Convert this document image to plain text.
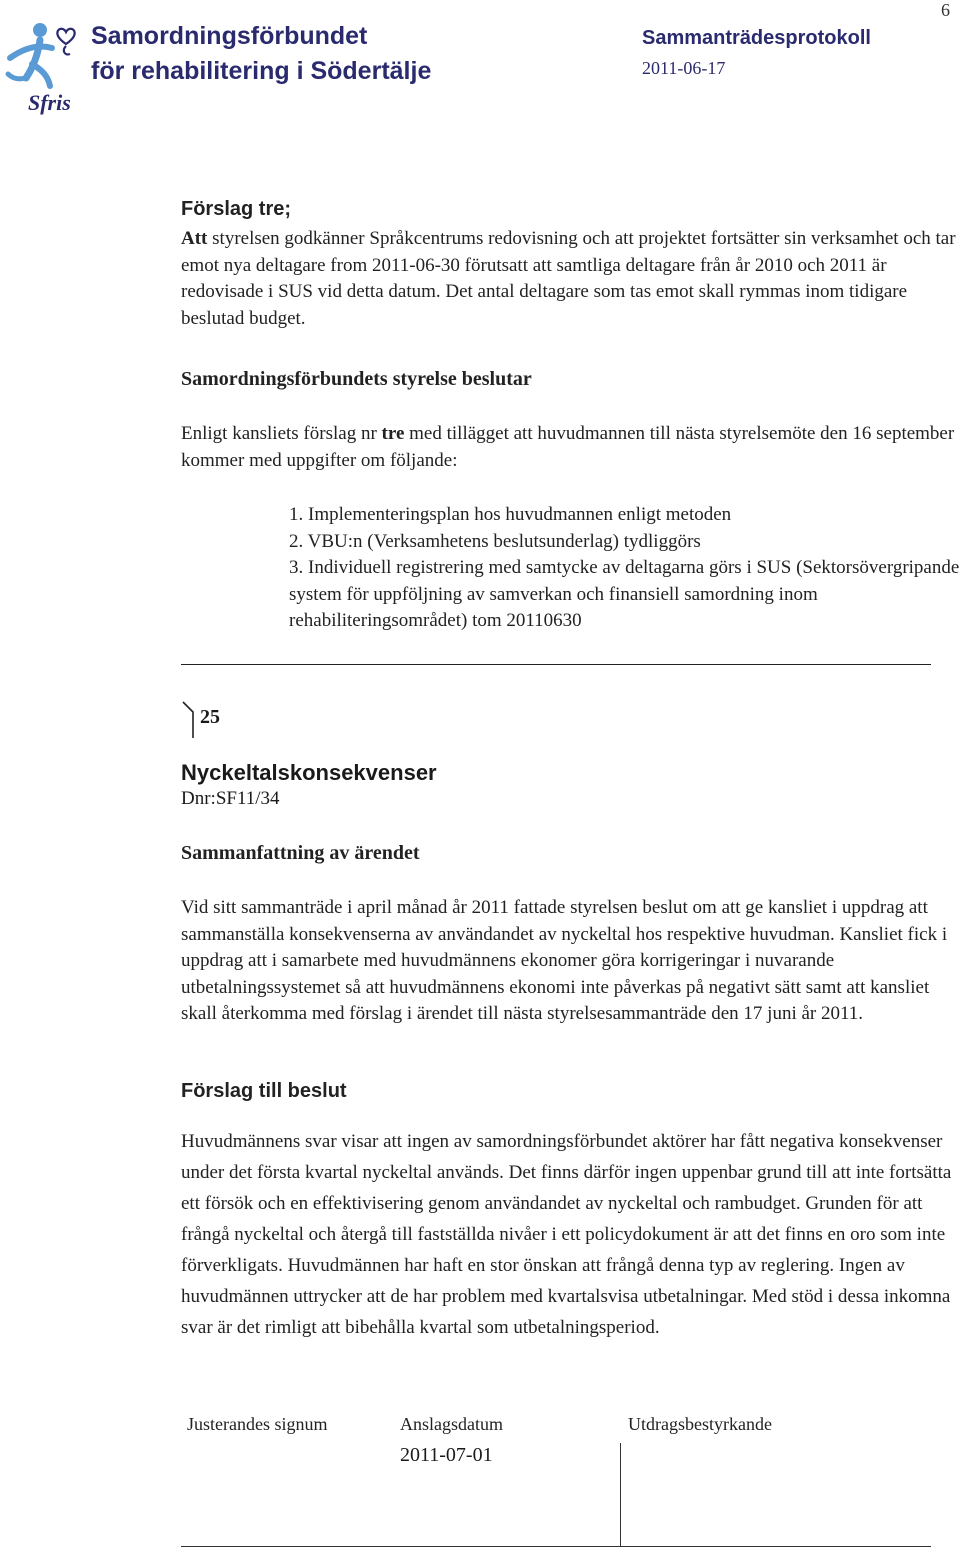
Sfris
Samordningsförbundet
för rehabilitering i Södertälje
Sammanträdesprotokoll
2011-06-17
6
Förslag tre;
Att styrelsen godkänner Språkcentrums redovisning och att projektet fortsätter sin verksamhet och tar emot nya deltagare from 2011-06-30 förutsatt att samtliga deltagare från år 2010 och 2011 är redovisade i SUS vid detta datum. Det antal deltagare som tas emot skall rymmas inom tidigare beslutad budget.
Samordningsförbundets styrelse beslutar
Enligt kansliets förslag nr tre med tillägget att huvudmannen till nästa styrelsemöte den 16 september kommer med uppgifter om följande:
1. Implementeringsplan hos huvudmannen enligt metoden
2. VBU:n (Verksamhetens beslutsunderlag) tydliggörs
3. Individuell registrering med samtycke av deltagarna görs i SUS (Sektorsövergripande system för uppföljning av samverkan och finansiell samordning inom rehabiliteringsområdet) tom 20110630
25
Nyckeltalskonsekvenser
Dnr:SF11/34
Sammanfattning av ärendet
Vid sitt sammanträde i april månad år 2011 fattade styrelsen beslut om att ge kansliet i uppdrag att sammanställa konsekvenserna av användandet av nyckeltal hos respektive huvudman. Kansliet fick i uppdrag att i samarbete med huvudmännens ekonomer göra korrigeringar i nuvarande utbetalningssystemet så att huvudmännens ekonomi inte påverkas på negativt sätt samt att kansliet skall återkomma med förslag i ärendet till nästa styrelsesammanträde den 17 juni år 2011.
Förslag till beslut
Huvudmännens svar visar att ingen av samordningsförbundet aktörer har fått negativa konsekvenser under det första kvartal nyckeltal används. Det finns därför ingen uppenbar grund till att inte fortsätta ett försök och en effektivisering genom användandet av nyckeltal och rambudget. Grunden för att frångå nyckeltal och återgå till fastställda nivåer i ett policydokument är att det finns en oro som inte förverkligats. Huvudmännen har haft en stor önskan att frångå denna typ av reglering. Ingen av huvudmännen uttrycker att de har problem med kvartalsvisa utbetalningar. Med stöd i dessa inkomna svar är det rimligt att bibehålla kvartal som utbetalningsperiod.
Justerandes signum	Anslagsdatum	Utdragsbestyrkande
2011-07-01
